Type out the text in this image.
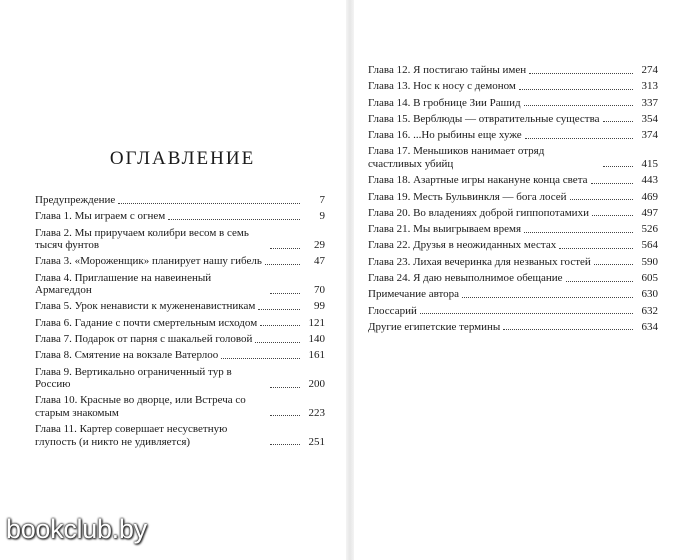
ОГЛАВЛЕНИЕ
Предупреждение	7
Глава 1. Мы играем с огнем	9
Глава 2. Мы приручаем колибри весом в семь тысяч фунтов	29
Глава 3. «Мороженщик» планирует нашу гибель	47
Глава 4. Приглашение на навеиненый Армагеддон	70
Глава 5. Урок ненависти к мужененавистникам	99
Глава 6. Гадание с почти смертельным исходом	121
Глава 7. Подарок от парня с шакальей головой	140
Глава 8. Смятение на вокзале Ватерлоо	161
Глава 9. Вертикально ограниченный тур в Россию	200
Глава 10. Красные во дворце, или Встреча со старым знакомым	223
Глава 11. Картер совершает несусветную глупость (и никто не удивляется)	251
Глава 12. Я постигаю тайны имен	274
Глава 13. Нос к носу с демоном	313
Глава 14. В гробнице Зии Рашид	337
Глава 15. Верблюды — отвратительные существа	354
Глава 16. ...Но рыбины еще хуже	374
Глава 17. Меньшиков нанимает отряд счастливых убийц	415
Глава 18. Азартные игры накануне конца света	443
Глава 19. Месть Бульвинкля — бога лосей	469
Глава 20. Во владениях доброй гиппопотамихи	497
Глава 21. Мы выигрываем время	526
Глава 22. Друзья в неожиданных местах	564
Глава 23. Лихая вечеринка для незваных гостей	590
Глава 24. Я даю невыполнимое обещание	605
Примечание автора	630
Глоссарий	632
Другие египетские термины	634
bookclub.by
